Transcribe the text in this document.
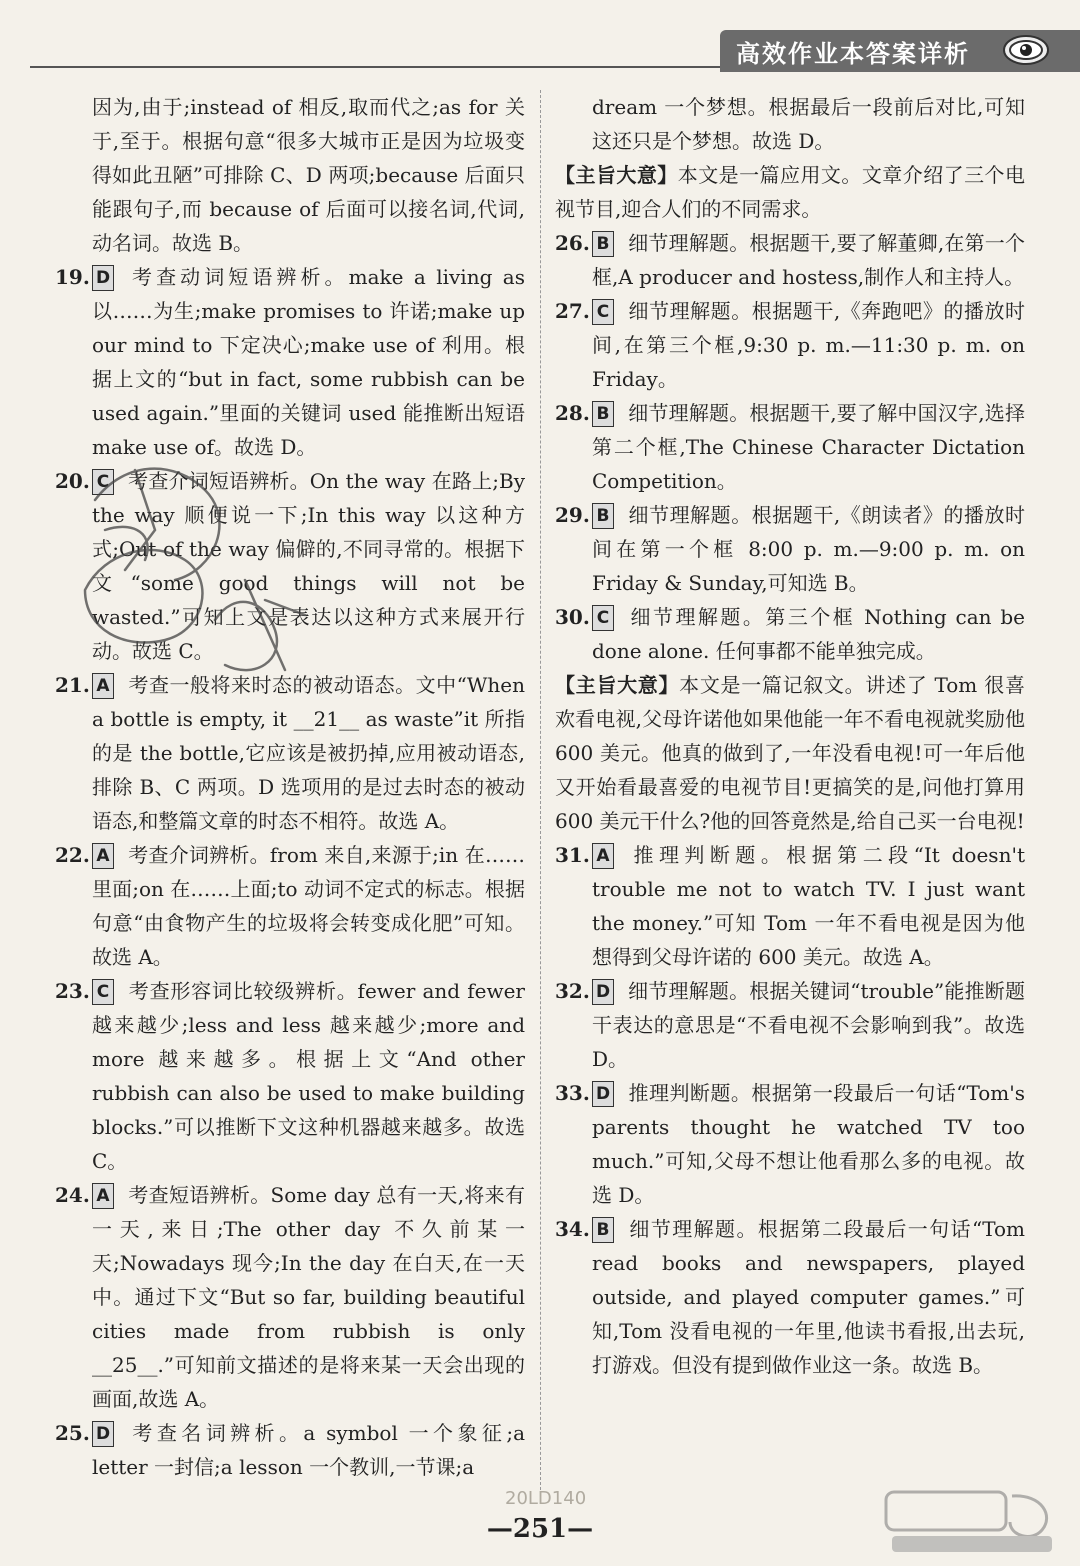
高效作业本答案详析
因为,由于;instead of 相反,取而代之;as for 关于,至于。根据句意“很多大城市正是因为垃圾变得如此丑陋”可排除 C、D 两项;because 后面只能跟句子,而 because of 后面可以接名词,代词,动名词。故选 B。
19. D 考查动词短语辨析。make a living as 以……为生;make promises to 许诺;make up our mind to 下定决心;make use of 利用。根据上文的“but in fact, some rubbish can be used again.”里面的关键词 used 能推断出短语 make use of。故选 D。
20. C 考查介词短语辨析。On the way 在路上;By the way 顺便说一下;In this way 以这种方式;Out of the way 偏僻的,不同寻常的。根据下文“some good things will not be wasted.”可知上文是表达以这种方式来展开行动。故选 C。
21. A 考查一般将来时态的被动语态。文中“When a bottle is empty, it __21__ as waste”it 所指的是 the bottle,它应该是被扔掉,应用被动语态,排除 B、C 两项。D 选项用的是过去时态的被动语态,和整篇文章的时态不相符。故选 A。
22. A 考查介词辨析。from 来自,来源于;in 在……里面;on 在……上面;to 动词不定式的标志。根据句意“由食物产生的垃圾将会转变成化肥”可知。故选 A。
23. C 考查形容词比较级辨析。fewer and fewer 越来越少;less and less 越来越少;more and more 越来越多。根据上文“And other rubbish can also be used to make building blocks.”可以推断下文这种机器越来越多。故选 C。
24. A 考查短语辨析。Some day 总有一天,将来有一天,来日;The other day 不久前某一天;Nowadays 现今;In the day 在白天,在一天中。通过下文“But so far, building beautiful cities made from rubbish is only __25__.”可知前文描述的是将来某一天会出现的画面,故选 A。
25. D 考查名词辨析。a symbol 一个象征;a letter 一封信;a lesson 一个教训,一节课;a
dream 一个梦想。根据最后一段前后对比,可知这还只是个梦想。故选 D。
【主旨大意】本文是一篇应用文。文章介绍了三个电视节目,迎合人们的不同需求。
26. B 细节理解题。根据题干,要了解董卿,在第一个框,A producer and hostess,制作人和主持人。
27. C 细节理解题。根据题干,《奔跑吧》的播放时间,在第三个框,9:30 p. m.—11:30 p. m. on Friday。
28. B 细节理解题。根据题干,要了解中国汉字,选择第二个框,The Chinese Character Dictation Competition。
29. B 细节理解题。根据题干,《朗读者》的播放时间在第一个框 8:00 p. m.—9:00 p. m. on Friday & Sunday,可知选 B。
30. C 细节理解题。第三个框 Nothing can be done alone. 任何事都不能单独完成。
【主旨大意】本文是一篇记叙文。讲述了 Tom 很喜欢看电视,父母许诺他如果他能一年不看电视就奖励他 600 美元。他真的做到了,一年没看电视!可一年后他又开始看最喜爱的电视节目!更搞笑的是,问他打算用 600 美元干什么?他的回答竟然是,给自己买一台电视!
31. A 推理判断题。根据第二段“It doesn't trouble me not to watch TV. I just want the money.”可知 Tom 一年不看电视是因为他想得到父母许诺的 600 美元。故选 A。
32. D 细节理解题。根据关键词“trouble”能推断题干表达的意思是“不看电视不会影响到我”。故选 D。
33. D 推理判断题。根据第一段最后一句话“Tom's parents thought he watched TV too much.”可知,父母不想让他看那么多的电视。故选 D。
34. B 细节理解题。根据第二段最后一句话“Tom read books and newspapers, played outside, and played computer games.”可知,Tom 没看电视的一年里,他读书看报,出去玩,打游戏。但没有提到做作业这一条。故选 B。
20LD140
—251—
